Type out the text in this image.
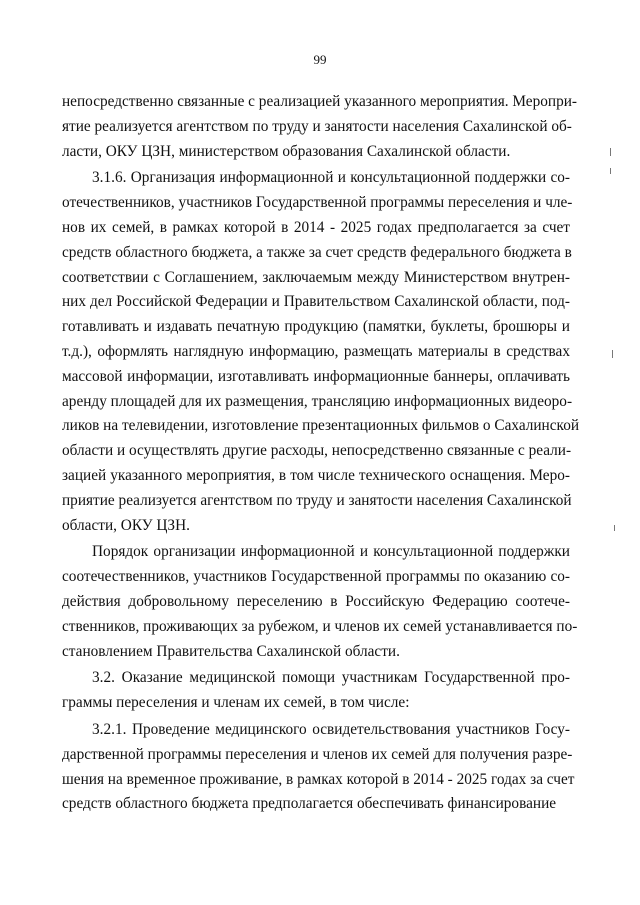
99
непосредственно связанные с реализацией указанного мероприятия. Меропри-
ятие реализуется агентством по труду и занятости населения Сахалинской об-
ласти, ОКУ ЦЗН, министерством образования Сахалинской области.
3.1.6. Организация информационной и консультационной поддержки со-
отечественников, участников Государственной программы переселения и чле-
нов их семей, в рамках которой в 2014 - 2025 годах предполагается за счет
средств областного бюджета, а также за счет средств федерального бюджета в
соответствии с Соглашением, заключаемым между Министерством внутрен-
них дел Российской Федерации и Правительством Сахалинской области, под-
готавливать и издавать печатную продукцию (памятки, буклеты, брошюры и
т.д.), оформлять наглядную информацию, размещать материалы в средствах
массовой информации, изготавливать информационные баннеры, оплачивать
аренду площадей для их размещения, трансляцию информационных видеоро-
ликов на телевидении, изготовление презентационных фильмов о Сахалинской
области и осуществлять другие расходы, непосредственно связанные с реали-
зацией указанного мероприятия, в том числе технического оснащения. Меро-
приятие реализуется агентством по труду и занятости населения Сахалинской
области, ОКУ ЦЗН.
Порядок организации информационной и консультационной поддержки
соотечественников, участников Государственной программы по оказанию со-
действия добровольному переселению в Российскую Федерацию соотече-
ственников, проживающих за рубежом, и членов их семей устанавливается по-
становлением Правительства Сахалинской области.
3.2. Оказание медицинской помощи участникам Государственной про-
граммы переселения и членам их семей, в том числе:
3.2.1. Проведение медицинского освидетельствования участников Госу-
дарственной программы переселения и членов их семей для получения разре-
шения на временное проживание, в рамках которой в 2014 - 2025 годах за счет
средств областного бюджета предполагается обеспечивать финансирование
